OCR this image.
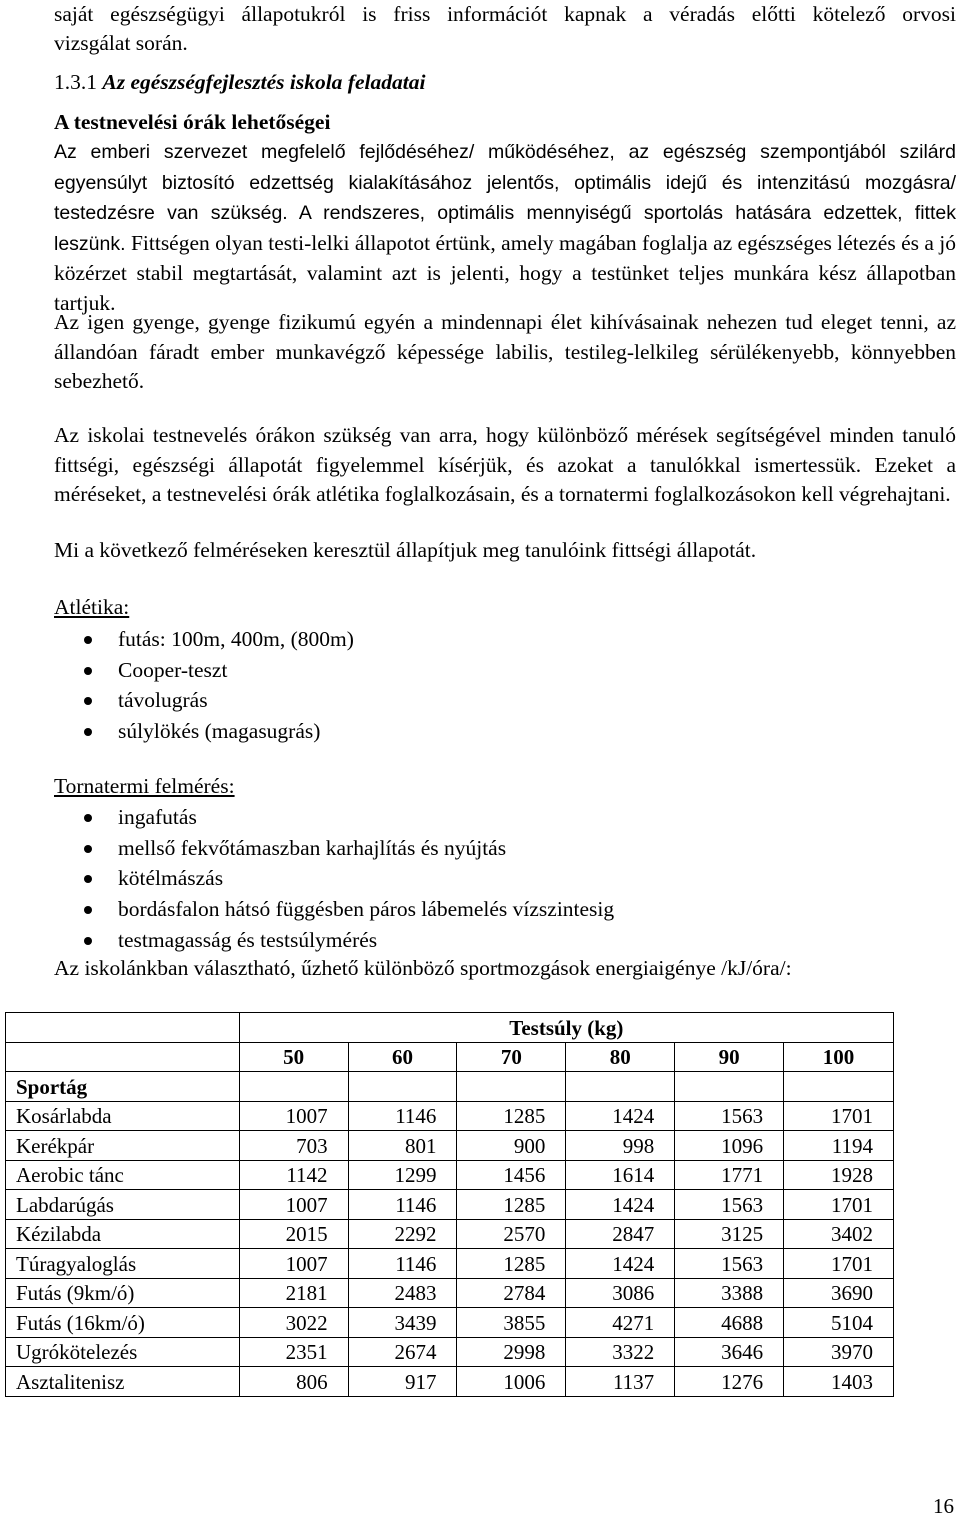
saját egészségügyi állapotukról is friss információt kapnak a véradás előtti kötelező orvosi

vizsgálat során.

1.3.1 Az egészségfejlesztés iskola feladatai

A testnevelési órák lehetőségei

Az emberi szervezet megfelelő fejlődéséhez/ működéséhez, az egészség szempontjából szilárd egyensúlyt biztosító edzettség kialakításához jelentős, optimális idejű és intenzitású mozgásra/ testedzésre van szükség. A rendszeres, optimális mennyiségű sportolás hatására edzettek, fittek leszünk. Fittségen olyan testi-lelki állapotot értünk, amely magában foglalja az egészséges létezés és a jó közérzet stabil megtartását, valamint azt is jelenti, hogy a testünket teljes munkára kész állapotban tartjuk.

Az igen gyenge, gyenge fizikumú egyén a mindennapi élet kihívásainak nehezen tud eleget tenni, az állandóan fáradt ember munkavégző képessége labilis, testileg-lelkileg sérülékenyebb, könnyebben sebezhető.

Az iskolai testnevelés órákon szükség van arra, hogy különböző mérések segítségével minden tanuló fittségi, egészségi állapotát figyelemmel kísérjük, és azokat a tanulókkal ismertessük. Ezeket a méréseket, a testnevelési órák atlétika foglalkozásain, és a tornatermi foglalkozásokon kell végrehajtani.

Mi a következő felméréseken keresztül állapítjuk meg tanulóink fittségi állapotát.

Atlétika:

futás: 100m, 400m, (800m)
Cooper-teszt
távolugrás
súlylökés (magasugrás)

Tornatermi felmérés:

ingafutás
mellső fekvőtámaszban karhajlítás és nyújtás
kötélmászás
bordásfalon hátsó függésben páros lábemelés vízszintesig
testmagasság és testsúlymérés

Az iskolánkban választható, űzhető különböző sportmozgások energiaigénye /kJ/óra/:

	Testsúly (kg)					
	50	60	70	80	90	100
Sportág						
Kosárlabda	1007	1146	1285	1424	1563	1701
Kerékpár	703	801	900	998	1096	1194
Aerobic tánc	1142	1299	1456	1614	1771	1928
Labdarúgás	1007	1146	1285	1424	1563	1701
Kézilabda	2015	2292	2570	2847	3125	3402
Túragyaloglás	1007	1146	1285	1424	1563	1701
Futás (9km/ó)	2181	2483	2784	3086	3388	3690
Futás (16km/ó)	3022	3439	3855	4271	4688	5104
Ugrókötelezés	2351	2674	2998	3322	3646	3970
Asztalitenisz	806	917	1006	1137	1276	1403
16
